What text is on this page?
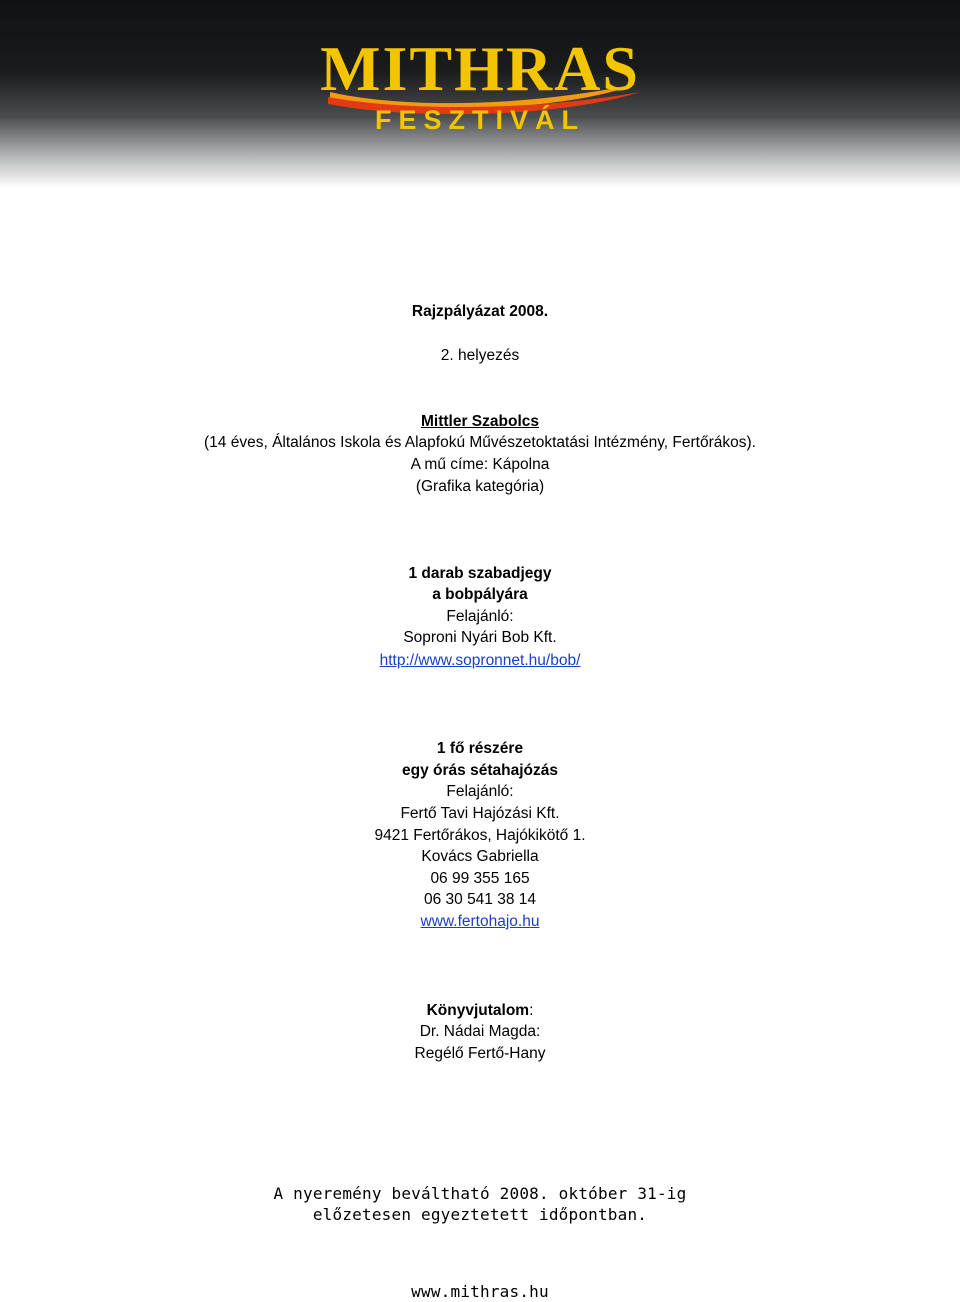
MITHRAS
FESZTIVÁL
Rajzpályázat 2008.
2. helyezés
Mittler Szabolcs
(14 éves, Általános Iskola és Alapfokú Művészetoktatási Intézmény, Fertőrákos).
A mű címe: Kápolna
(Grafika kategória)
1 darab szabadjegy
a bobpályára
Felajánló:
Soproni Nyári Bob Kft.
http://www.sopronnet.hu/bob/
1 fő részére
egy órás sétahajózás
Felajánló:
Fertő Tavi Hajózási Kft.
9421 Fertőrákos, Hajókikötő 1.
Kovács Gabriella
06 99 355 165
06 30 541 38 14
www.fertohajo.hu
Könyvjutalom:
Dr. Nádai Magda:
Regélő Fertő-Hany
A nyeremény beváltható 2008. október 31-ig
előzetesen egyeztetett időpontban.
www.mithras.hu
